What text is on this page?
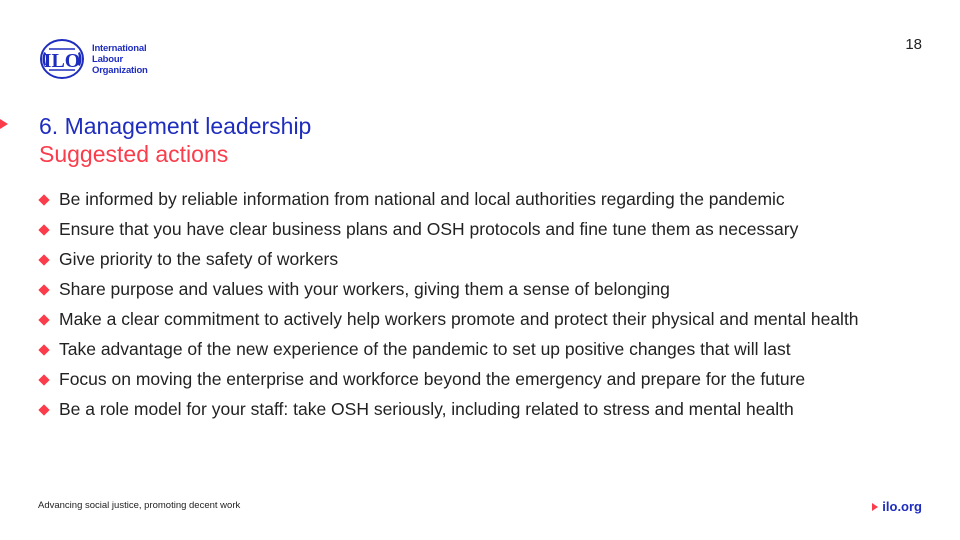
ILO
International
Labour
Organization
18
6. Management leadership
Suggested actions
Be informed by reliable information from national and local authorities regarding the pandemic
Ensure that you have clear business plans and OSH protocols and fine tune them as necessary
Give priority to the safety of workers
Share purpose and values with your workers, giving them a sense of belonging
Make a clear commitment to actively help workers promote and protect their physical and mental health
Take advantage of the new experience of the pandemic to set up positive changes that will last
Focus on moving the enterprise and workforce beyond the emergency and prepare for the future
Be a role model for your staff: take OSH seriously, including related to stress and mental health
Advancing social justice, promoting decent work	ilo.org
